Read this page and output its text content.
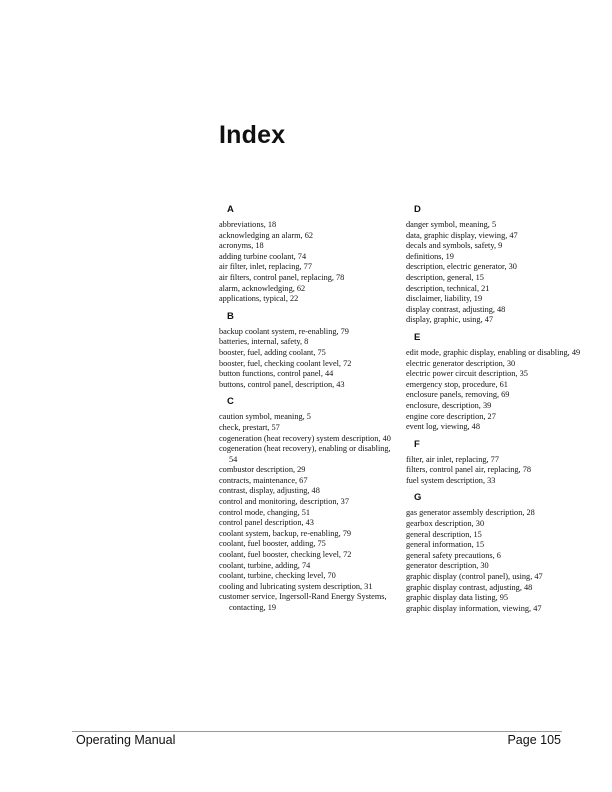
Index
A
abbreviations, 18
acknowledging an alarm, 62
acronyms, 18
adding turbine coolant, 74
air filter, inlet, replacing, 77
air filters, control panel, replacing, 78
alarm, acknowledging, 62
applications, typical, 22
B
backup coolant system, re-enabling, 79
batteries, internal, safety, 8
booster, fuel, adding coolant, 75
booster, fuel, checking coolant level, 72
button functions, control panel, 44
buttons, control panel, description, 43
C
caution symbol, meaning, 5
check, prestart, 57
cogeneration (heat recovery) system description, 40
cogeneration (heat recovery), enabling or disabling, 54
combustor description, 29
contracts, maintenance, 67
contrast, display, adjusting, 48
control and monitoring, description, 37
control mode, changing, 51
control panel description, 43
coolant system, backup, re-enabling, 79
coolant, fuel booster, adding, 75
coolant, fuel booster, checking level, 72
coolant, turbine, adding, 74
coolant, turbine, checking level, 70
cooling and lubricating system description, 31
customer service, Ingersoll-Rand Energy Systems, contacting, 19
D
danger symbol, meaning, 5
data, graphic display, viewing, 47
decals and symbols, safety, 9
definitions, 19
description, electric generator, 30
description, general, 15
description, technical, 21
disclaimer, liability, 19
display contrast, adjusting, 48
display, graphic, using, 47
E
edit mode, graphic display, enabling or disabling, 49
electric generator description, 30
electric power circuit description, 35
emergency stop, procedure, 61
enclosure panels, removing, 69
enclosure, description, 39
engine core description, 27
event log, viewing, 48
F
filter, air inlet, replacing, 77
filters, control panel air, replacing, 78
fuel system description, 33
G
gas generator assembly description, 28
gearbox description, 30
general description, 15
general information, 15
general safety precautions, 6
generator description, 30
graphic display (control panel), using, 47
graphic display contrast, adjusting, 48
graphic display data listing, 95
graphic display information, viewing, 47
Operating Manual	Page 105
